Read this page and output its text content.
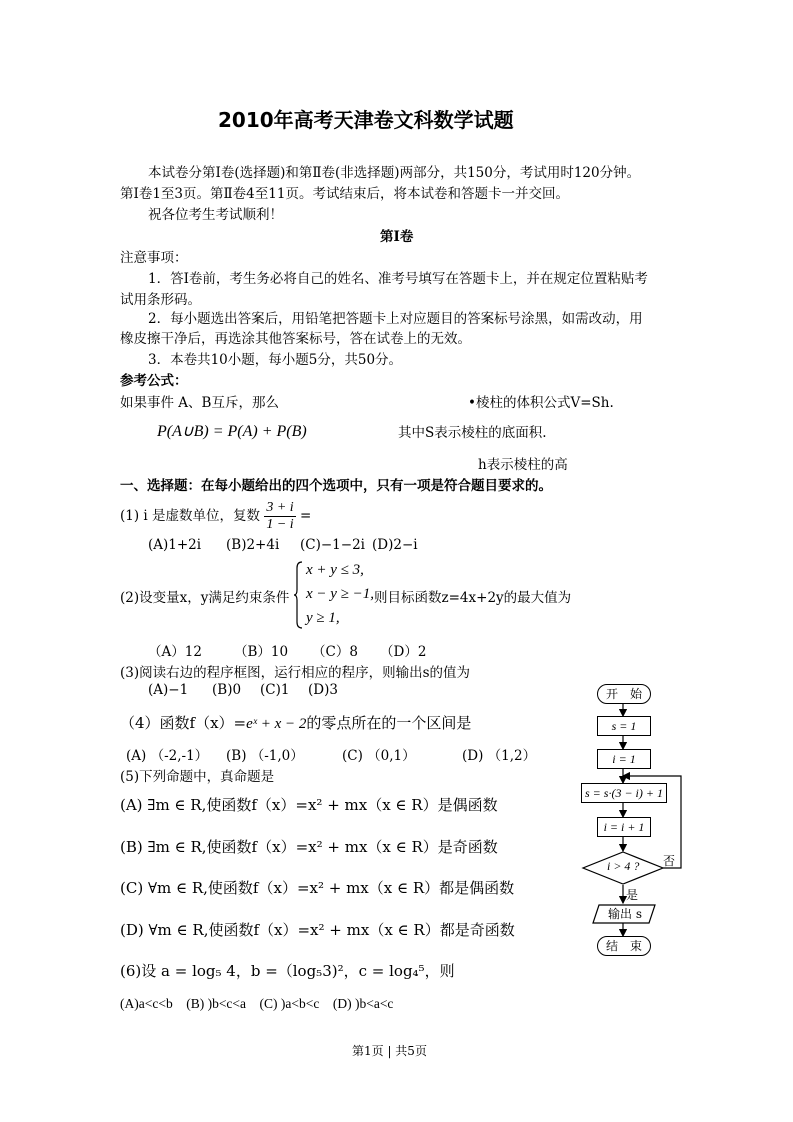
2010年高考天津卷文科数学试题
本试卷分第Ⅰ卷(选择题)和第Ⅱ卷(非选择题)两部分，共150分，考试用时120分钟。
第Ⅰ卷1至3页。第Ⅱ卷4至11页。考试结束后，将本试卷和答题卡一并交回。
祝各位考生考试顺利！
第Ⅰ卷
注意事项：
1．答Ⅰ卷前，考生务必将自己的姓名、准考号填写在答题卡上，并在规定位置粘贴考
试用条形码。
2．每小题选出答案后，用铅笔把答题卡上对应题目的答案标号涂黑，如需改动，用
橡皮擦干净后，再选涂其他答案标号，答在试卷上的无效。
3．本卷共10小题，每小题5分，共50分。
参考公式：
如果事件 A、B互斥，那么	•棱柱的体积公式V=Sh.
P(A∪B) = P(A) + P(B)	其中S表示棱柱的底面积.
h表示棱柱的高
一、选择题：在每小题给出的四个选项中，只有一项是符合题目要求的。
(1) i 是虚数单位，复数 $\frac{3 + i}{1 - i}$ =
(A)1+2i (B)2+4i (C)−1−2i (D)2−i
(2)设变量x，y满足约束条件
x + y ≤ 3,
x − y ≥ −1,
y ≥ 1,
则目标函数z=4x+2y的最大值为
（A）12 （B）10 （C）8 （D）2
(3)阅读右边的程序框图，运行相应的程序，则输出s的值为
(A)−1 (B)0 (C)1 (D)3
（4）函数f（x）=eˣ + x − 2的零点所在的一个区间是
(A) （-2,-1） (B) （-1,0）	(C) （0,1）	(D) （1,2）
(5)下列命题中，真命题是
(A) ∃m ∈ R,使函数f（x）=x² + mx（x ∈ R）是偶函数
(B) ∃m ∈ R,使函数f（x）=x² + mx（x ∈ R）是奇函数
(C) ∀m ∈ R,使函数f（x）=x² + mx（x ∈ R）都是偶函数
(D) ∀m ∈ R,使函数f（x）=x² + mx（x ∈ R）都是奇函数
(6)设 a = log₅ 4，b =（log₅3)²，c = log₄⁵，则
(A)a<c<b　(B) )b<c<a　(C) )a<b<c　(D) )b<a<c
开　始
s = 1
i = 1
s = s·(3 − i) + 1
i = i + 1
i > 4 ? 否
是
输出 s
结　束
第1页 | 共5页
